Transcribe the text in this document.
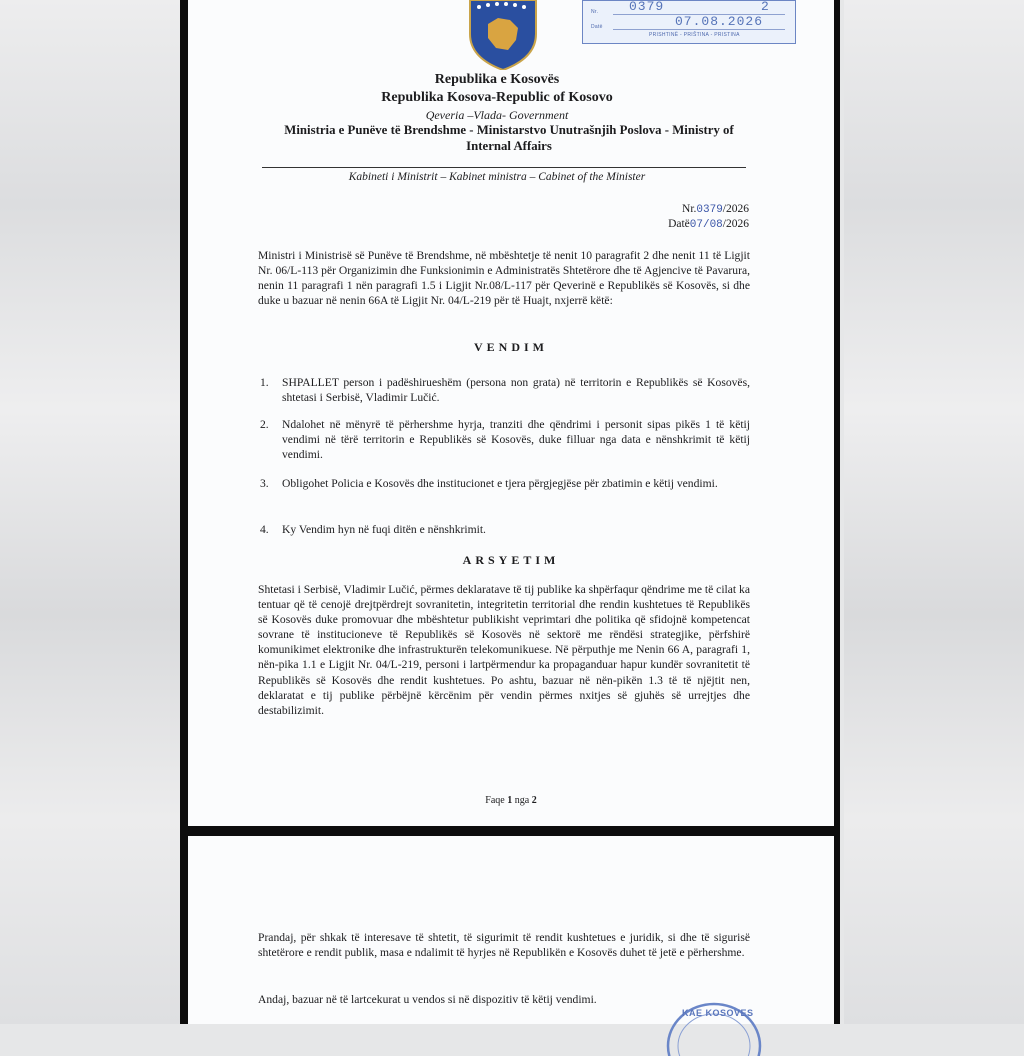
Nr. 0379	2
Datë	07.08.2026
PRISHTINË - PRIŠTINA - PRISTINA
Republika e Kosovës
Republika Kosova-Republic of Kosovo
Qeveria –Vlada- Government
Ministria e Punëve të Brendshme - Ministarstvo Unutrašnjih Poslova - Ministry of Internal Affairs
Kabineti i Ministrit – Kabinet ministra – Cabinet of the Minister
Nr.0379/2026
Datë07/08/2026
Ministri i Ministrisë së Punëve të Brendshme, në mbështetje të nenit 10 paragrafit 2 dhe nenit 11 të Ligjit Nr. 06/L-113 për Organizimin dhe Funksionimin e Administratës Shtetërore dhe të Agjencive të Pavarura, nenin 11 paragrafi 1 nën paragrafi 1.5 i Ligjit Nr.08/L-117 për Qeverinë e Republikës së Kosovës, si dhe duke u bazuar në nenin 66A të Ligjit Nr. 04/L-219 për të Huajt, nxjerrë këtë:
VENDIM
1. SHPALLET person i padëshirueshëm (persona non grata) në territorin e Republikës së Kosovës, shtetasi i Serbisë, Vladimir Lučić.
2. Ndalohet në mënyrë të përhershme hyrja, tranziti dhe qëndrimi i personit sipas pikës 1 të këtij vendimi në tërë territorin e Republikës së Kosovës, duke filluar nga data e nënshkrimit të këtij vendimi.
3. Obligohet Policia e Kosovës dhe institucionet e tjera përgjegjëse për zbatimin e këtij vendimi.
4. Ky Vendim hyn në fuqi ditën e nënshkrimit.
ARSYETIM
Shtetasi i Serbisë, Vladimir Lučić, përmes deklaratave të tij publike ka shpërfaqur qëndrime me të cilat ka tentuar që të cenojë drejtpërdrejt sovranitetin, integritetin territorial dhe rendin kushtetues të Republikës së Kosovës duke promovuar dhe mbështetur publikisht veprimtari dhe politika që sfidojnë kompetencat sovrane të institucioneve të Republikës së Kosovës në sektorë me rëndësi strategjike, përfshirë komunikimet elektronike dhe infrastrukturën telekomunikuese. Në përputhje me Nenin 66 A, paragrafi 1, nën-pika 1.1 e Ligjit Nr. 04/L-219, personi i lartpërmendur ka propaganduar hapur kundër sovranitetit të Republikës së Kosovës dhe rendit kushtetues. Po ashtu, bazuar në nën-pikën 1.3 të të njëjtit nen, deklaratat e tij publike përbëjnë kërcënim për vendin përmes nxitjes së gjuhës së urrejtjes dhe destabilizimit.
Faqe 1 nga 2
Prandaj, për shkak të interesave të shtetit, të sigurimit të rendit kushtetues e juridik, si dhe të sigurisë shtetërore e rendit publik, masa e ndalimit të hyrjes në Republikën e Kosovës duhet të jetë e përhershme.
Andaj, bazuar në të lartcekurat u vendos si në dispozitiv të këtij vendimi.
KAE KOSOVES
